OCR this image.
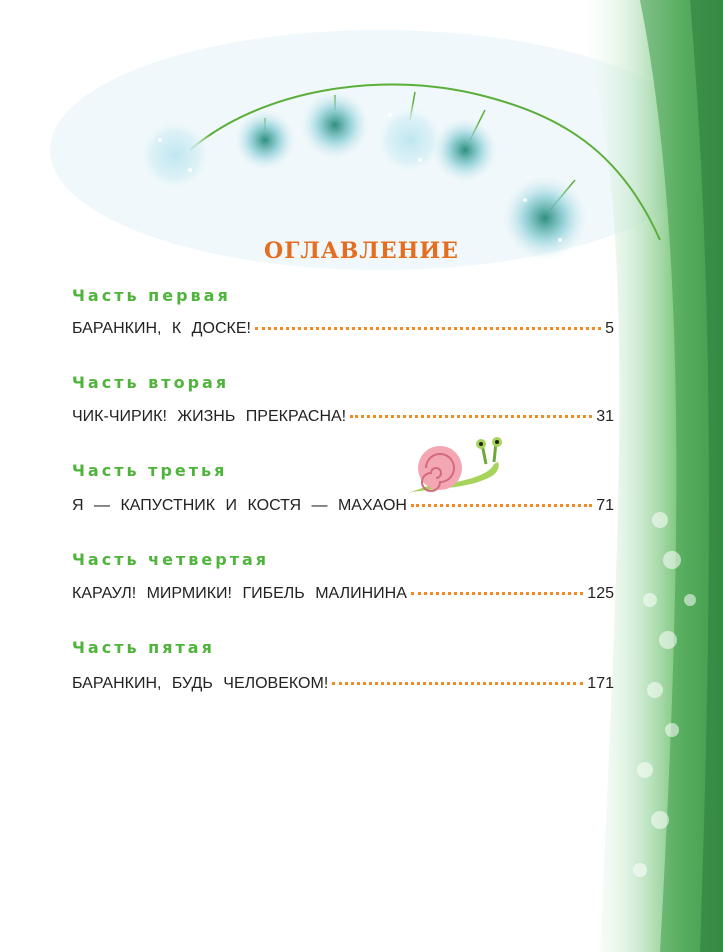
ОГЛАВЛЕНИЕ
Часть первая
БАРАНКИН, К ДОСКЕ!	5
Часть вторая
ЧИК-ЧИРИК! ЖИЗНЬ ПРЕКРАСНА!	31
Часть третья
Я — КАПУСТНИК И КОСТЯ — МАХАОН	71
Часть четвертая
КАРАУЛ! МИРМИКИ! ГИБЕЛЬ МАЛИНИНА	125
Часть пятая
БАРАНКИН, БУДЬ ЧЕЛОВЕКОМ!	171
